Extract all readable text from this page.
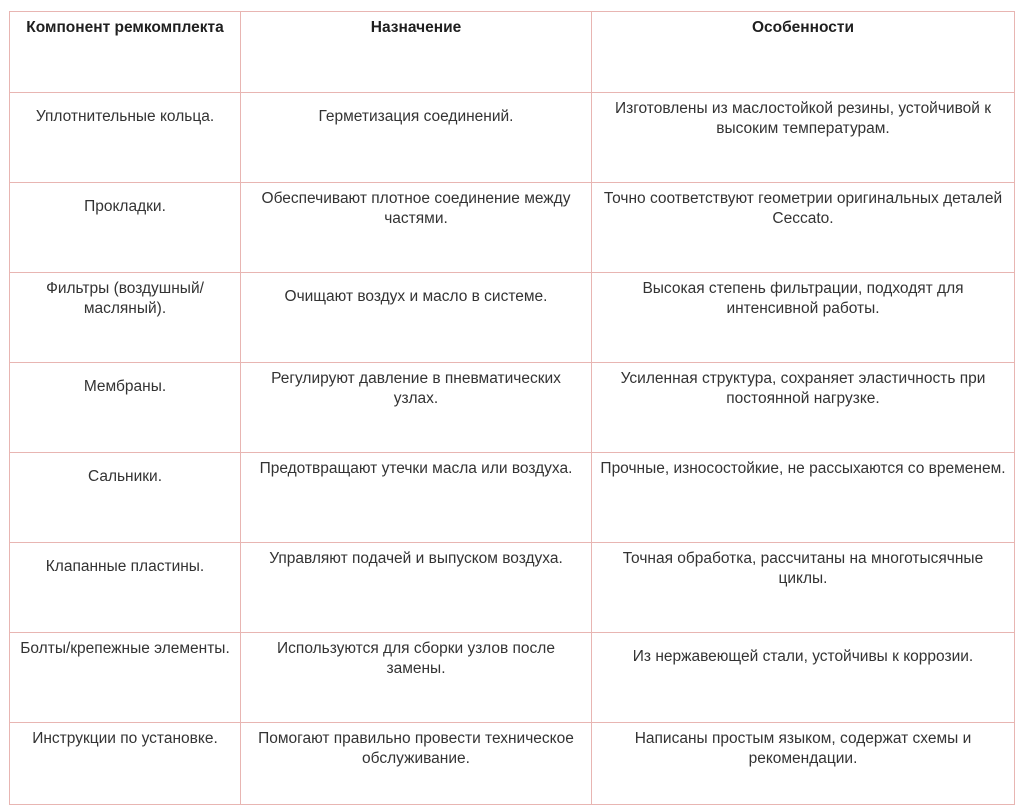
Компонент ремкомплекта	Назначение	Особенности
Уплотнительные кольца.	Герметизация соединений.	Изготовлены из маслостойкой резины, устойчивой к высоким температурам.
Прокладки.	Обеспечивают плотное соединение между частями.	Точно соответствуют геометрии оригинальных деталей Ceccato.
Фильтры (воздушный/ масляный).	Очищают воздух и масло в системе.	Высокая степень фильтрации, подходят для интенсивной работы.
Мембраны.	Регулируют давление в пневматических узлах.	Усиленная структура, сохраняет эластичность при постоянной нагрузке.
Сальники.	Предотвращают утечки масла или воздуха.	Прочные, износостойкие, не рассыхаются со временем.
Клапанные пластины.	Управляют подачей и выпуском воздуха.	Точная обработка, рассчитаны на многотысячные циклы.
Болты/крепежные элементы.	Используются для сборки узлов после замены.	Из нержавеющей стали, устойчивы к коррозии.
Инструкции по установке.	Помогают правильно провести техническое обслуживание.	Написаны простым языком, содержат схемы и рекомендации.
